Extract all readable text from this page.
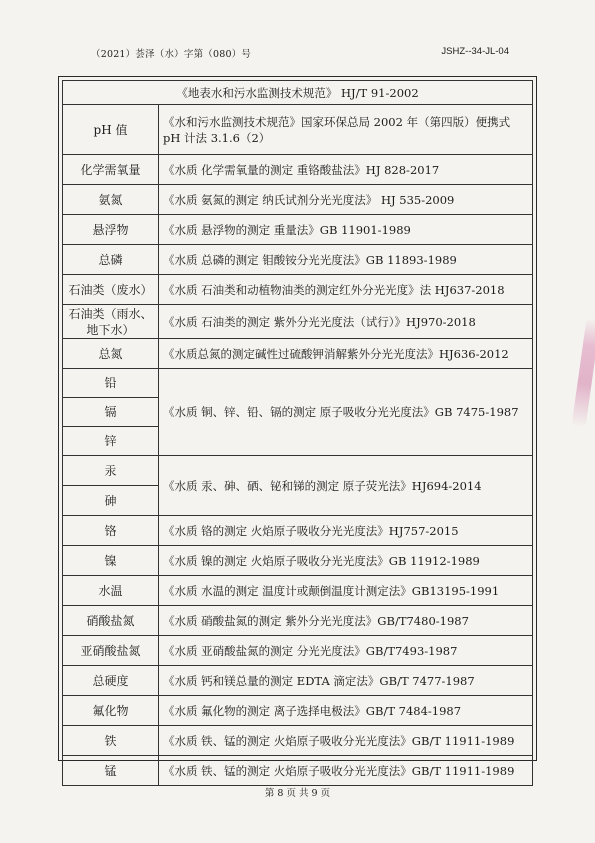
（2021）荟泽（水）字第（080）号	JSHZ--34-JL-04
《地表水和污水监测技术规范》 HJ/T 91-2002	
pH 值	《水和污水监测技术规范》国家环保总局 2002 年（第四版）便携式 pH 计法 3.1.6（2）
化学需氧量	《水质 化学需氧量的测定 重铬酸盐法》HJ 828-2017
氨氮	《水质 氨氮的测定 纳氏试剂分光光度法》 HJ 535-2009
悬浮物	《水质 悬浮物的测定 重量法》GB 11901-1989
总磷	《水质 总磷的测定 钼酸铵分光光度法》GB 11893-1989
石油类（废水）	《水质 石油类和动植物油类的测定红外分光光度》法 HJ637-2018
石油类（雨水、地下水）	《水质 石油类的测定 紫外分光光度法（试行）》HJ970-2018
总氮	《水质总氮的测定碱性过硫酸钾消解紫外分光光度法》HJ636-2012
铅	《水质 铜、锌、铅、镉的测定 原子吸收分光光度法》GB 7475-1987
镉	
锌	
汞	《水质 汞、砷、硒、铋和锑的测定 原子荧光法》HJ694-2014
砷	
铬	《水质 铬的测定 火焰原子吸收分光光度法》HJ757-2015
镍	《水质 镍的测定 火焰原子吸收分光光度法》GB 11912-1989
水温	《水质 水温的测定 温度计或颠倒温度计测定法》GB13195-1991
硝酸盐氮	《水质 硝酸盐氮的测定 紫外分光光度法》GB/T7480-1987
亚硝酸盐氮	《水质 亚硝酸盐氮的测定 分光光度法》GB/T7493-1987
总硬度	《水质 钙和镁总量的测定 EDTA 滴定法》GB/T 7477-1987
氟化物	《水质 氟化物的测定 离子选择电极法》GB/T 7484-1987
铁	《水质 铁、锰的测定 火焰原子吸收分光光度法》GB/T 11911-1989
锰	《水质 铁、锰的测定 火焰原子吸收分光光度法》GB/T 11911-1989
第 8 页 共 9 页
